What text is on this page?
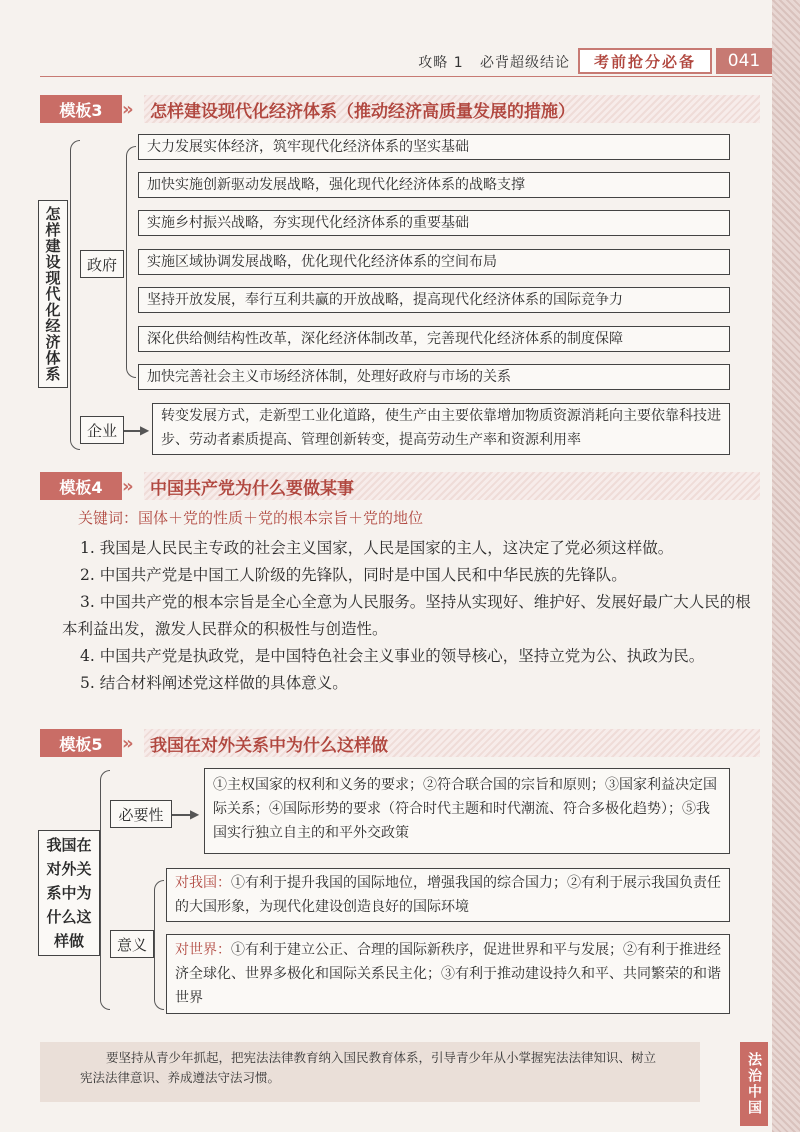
攻略 1 必背超级结论	考前抢分必备	041
模板3	» 怎样建设现代化经济体系（推动经济高质量发展的措施）
怎样建设现代化经济体系	政府
大力发展实体经济，筑牢现代化经济体系的坚实基础
加快实施创新驱动发展战略，强化现代化经济体系的战略支撑
实施乡村振兴战略，夯实现代化经济体系的重要基础
实施区域协调发展战略，优化现代化经济体系的空间布局
坚持开放发展，奉行互利共赢的开放战略，提高现代化经济体系的国际竞争力
深化供给侧结构性改革，深化经济体制改革，完善现代化经济体系的制度保障
加快完善社会主义市场经济体制，处理好政府与市场的关系
企业	▶
转变发展方式，走新型工业化道路，使生产由主要依靠增加物质资源消耗向主要依靠科技进步、劳动者素质提高、管理创新转变，提高劳动生产率和资源利用率
模板4	» 中国共产党为什么要做某事
关键词：国体＋党的性质＋党的根本宗旨＋党的地位

1. 我国是人民民主专政的社会主义国家，人民是国家的主人，这决定了党必须这样做。

2. 中国共产党是中国工人阶级的先锋队，同时是中国人民和中华民族的先锋队。

3. 中国共产党的根本宗旨是全心全意为人民服务。坚持从实现好、维护好、发展好最广大人民的根本利益出发，激发人民群众的积极性与创造性。

4. 中国共产党是执政党，是中国特色社会主义事业的领导核心，坚持立党为公、执政为民。

5. 结合材料阐述党这样做的具体意义。

模板5	» 我国在对外关系中为什么这样做
我国在对外关系中为什么这样做
必要性	▶
①主权国家的权利和义务的要求；②符合联合国的宗旨和原则；③国家利益决定国际关系；④国际形势的要求（符合时代主题和时代潮流、符合多极化趋势）；⑤我国实行独立自主的和平外交政策
意义
对我国：①有利于提升我国的国际地位，增强我国的综合国力；②有利于展示我国负责任的大国形象，为现代化建设创造良好的国际环境
对世界：①有利于建立公正、合理的国际新秩序，促进世界和平与发展；②有利于推进经济全球化、世界多极化和国际关系民主化；③有利于推动建设持久和平、共同繁荣的和谐世界

要坚持从青少年抓起，把宪法法律教育纳入国民教育体系，引导青少年从小掌握宪法法律知识、树立宪法法律意识、养成遵法守法习惯。	法治中国
